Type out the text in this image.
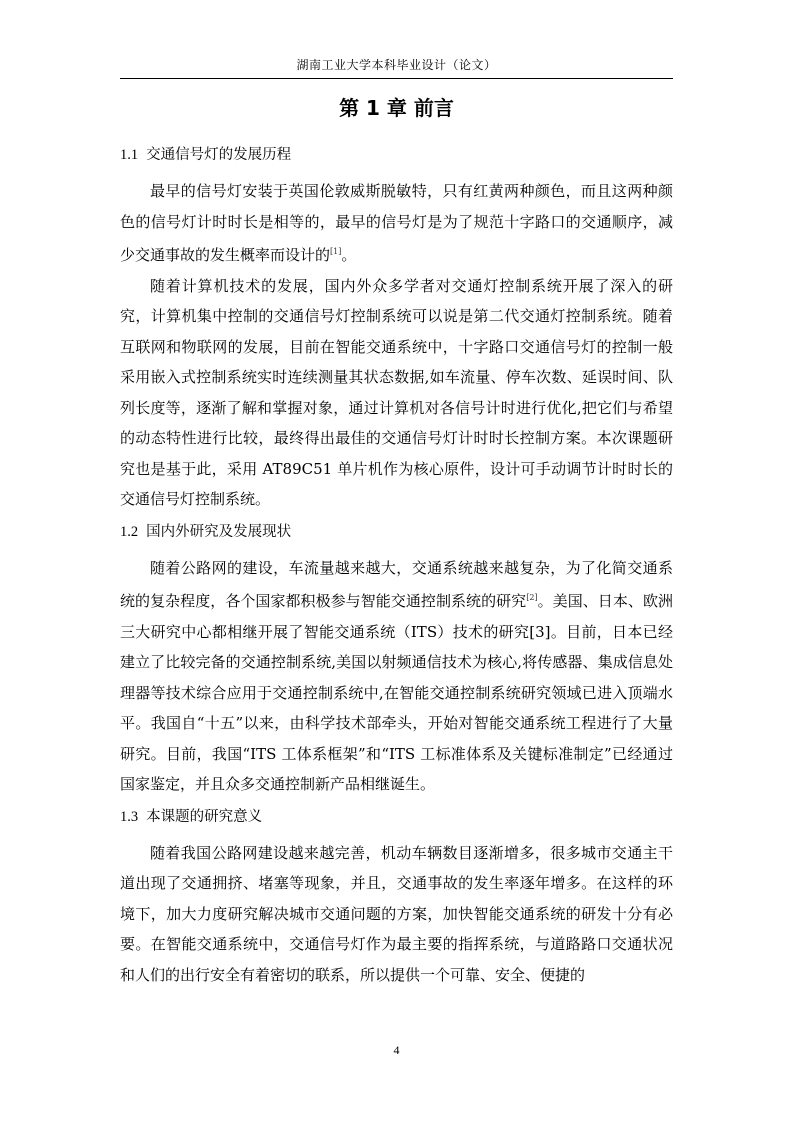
湖南工业大学本科毕业设计（论文）
第 1 章 前言
1.1 交通信号灯的发展历程

最早的信号灯安装于英国伦敦威斯脱敏特，只有红黄两种颜色，而且这两种颜色的信号灯计时时长是相等的，最早的信号灯是为了规范十字路口的交通顺序，减少交通事故的发生概率而设计的[1]。

随着计算机技术的发展，国内外众多学者对交通灯控制系统开展了深入的研究，计算机集中控制的交通信号灯控制系统可以说是第二代交通灯控制系统。随着互联网和物联网的发展，目前在智能交通系统中，十字路口交通信号灯的控制一般采用嵌入式控制系统实时连续测量其状态数据,如车流量、停车次数、延误时间、队列长度等，逐渐了解和掌握对象，通过计算机对各信号计时进行优化,把它们与希望的动态特性进行比较，最终得出最佳的交通信号灯计时时长控制方案。本次课题研究也是基于此，采用 AT89C51 单片机作为核心原件，设计可手动调节计时时长的交通信号灯控制系统。

1.2 国内外研究及发展现状

随着公路网的建设，车流量越来越大，交通系统越来越复杂，为了化简交通系统的复杂程度，各个国家都积极参与智能交通控制系统的研究[2]。美国、日本、欧洲三大研究中心都相继开展了智能交通系统（ITS）技术的研究[3]。目前，日本已经建立了比较完备的交通控制系统,美国以射频通信技术为核心,将传感器、集成信息处理器等技术综合应用于交通控制系统中,在智能交通控制系统研究领域已进入顶端水平。我国自“十五”以来，由科学技术部牵头，开始对智能交通系统工程进行了大量研究。目前，我国“ITS 工体系框架”和“ITS 工标准体系及关键标准制定”已经通过国家鉴定，并且众多交通控制新产品相继诞生。

1.3 本课题的研究意义

随着我国公路网建设越来越完善，机动车辆数目逐渐增多，很多城市交通主干道出现了交通拥挤、堵塞等现象，并且，交通事故的发生率逐年增多。在这样的环境下，加大力度研究解决城市交通问题的方案，加快智能交通系统的研发十分有必要。在智能交通系统中，交通信号灯作为最主要的指挥系统，与道路路口交通状况和人们的出行安全有着密切的联系，所以提供一个可靠、安全、便捷的

4
